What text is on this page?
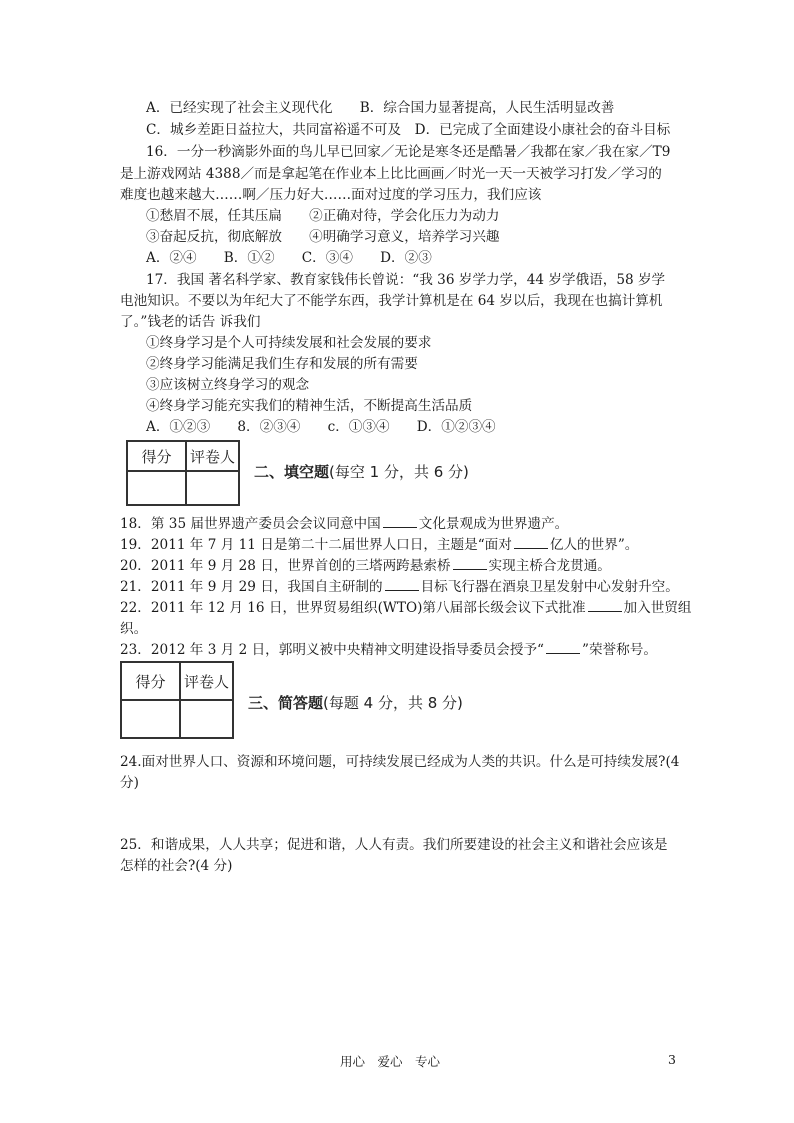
A．已经实现了社会主义现代化　　B．综合国力显著提高，人民生活明显改善
C．城乡差距日益拉大，共同富裕遥不可及　D．已完成了全面建设小康社会的奋斗目标
16．一分一秒滴影外面的鸟儿早已回家／无论是寒冬还是酷暑／我都在家／我在家／T9
是上游戏网站 4388／而是拿起笔在作业本上比比画画／时光一天一天被学习打发／学习的
难度也越来越大……啊／压力好大……面对过度的学习压力，我们应该
①愁眉不展，任其压扁　　②正确对待，学会化压力为动力
③奋起反抗，彻底解放　　④明确学习意义，培养学习兴趣
A．②④　　B．①②　　C．③④　　D．②③
17．我国 著名科学家、教育家钱伟长曾说：“我 36 岁学力学，44 岁学俄语，58 岁学
电池知识。不要以为年纪大了不能学东西，我学计算机是在 64 岁以后，我现在也搞计算机
了。”钱老的话告 诉我们
①终身学习是个人可持续发展和社会发展的要求
②终身学习能满足我们生存和发展的所有需要
③应该树立终身学习的观念
④终身学习能充实我们的精神生活，不断提高生活品质
A．①②③　　8．②③④　　c．①③④　　D．①②③④
得分	评卷人

二、填空题(每空 1 分，共 6 分)
18．第 35 届世界遗产委员会会议同意中国	文化景观成为世界遗产。
19．2011 年 7 月 11 日是第二十二届世界人口日，主题是“面对	亿人的世界”。
20．2011 年 9 月 28 日，世界首创的三塔两跨悬索桥	实现主桥合龙贯通。
21．2011 年 9 月 29 日，我国自主研制的	目标飞行器在酒泉卫星发射中心发射升空。
22．2011 年 12 月 16 日，世界贸易组织(WTO)第八届部长级会议下式批准	加入世贸组
织。
23．2012 年 3 月 2 日，郭明义被中央精神文明建设指导委员会授予“	”荣誉称号。
得分	评卷人

三、简答题(每题 4 分，共 8 分)
24.面对世界人口、资源和环境问题，可持续发展已经成为人类的共识。什么是可持续发展?(4
分)
25．和谐成果，人人共享；促进和谐，人人有责。我们所要建设的社会主义和谐社会应该是
怎样的社会?(4 分)
用心　爱心　专心	3
